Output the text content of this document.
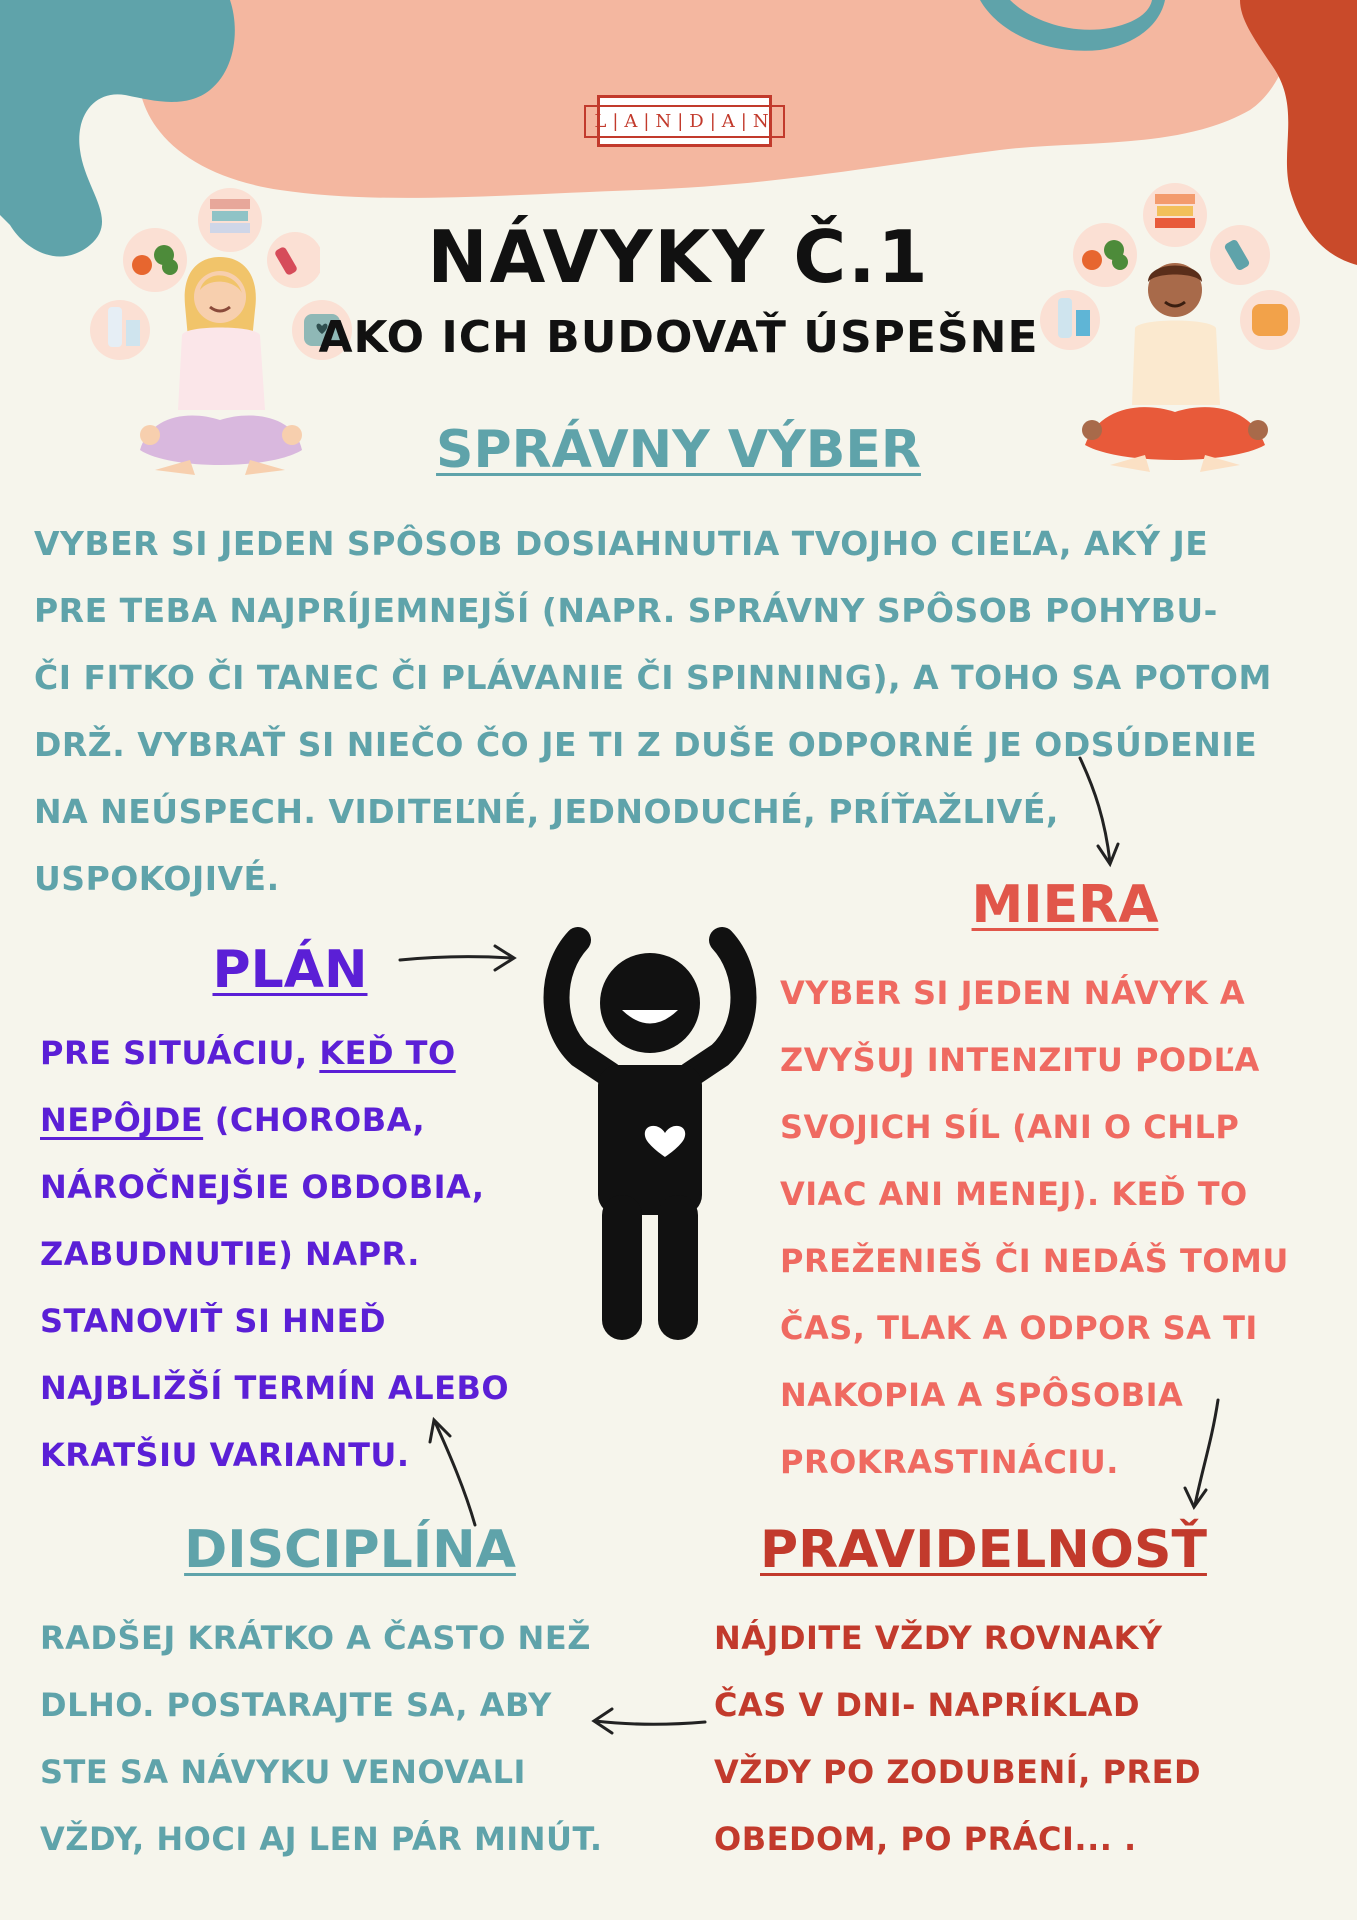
L|A|N|D|A|N
NÁVYKY Č.1
AKO ICH BUDOVAŤ ÚSPEŠNE
SPRÁVNY VÝBER
VYBER SI JEDEN SPÔSOB DOSIAHNUTIA TVOJHO CIEĽA, AKÝ JE
PRE TEBA NAJPRÍJEMNEJŠÍ (NAPR. SPRÁVNY SPÔSOB POHYBU-
ČI FITKO ČI TANEC ČI PLÁVANIE ČI SPINNING), A TOHO SA POTOM
DRŽ. VYBRAŤ SI NIEČO ČO JE TI Z DUŠE ODPORNÉ JE ODSÚDENIE
NA NEÚSPECH. VIDITEĽNÉ, JEDNODUCHÉ, PRÍŤAŽLIVÉ,
USPOKOJIVÉ.
PLÁN
PRE SITUÁCIU, KEĎ TO
NEPÔJDE (CHOROBA,
NÁROČNEJŠIE OBDOBIA,
ZABUDNUTIE) NAPR.
STANOVIŤ SI HNEĎ
NAJBLIŽŠÍ TERMÍN ALEBO
KRATŠIU VARIANTU.
MIERA
VYBER SI JEDEN NÁVYK A
ZVYŠUJ INTENZITU PODĽA
SVOJICH SÍL (ANI O CHLP
VIAC ANI MENEJ). KEĎ TO
PREŽENIEŠ ČI NEDÁŠ TOMU
ČAS, TLAK A ODPOR SA TI
NAKOPIA A SPÔSOBIA
PROKRASTINÁCIU.
DISCIPLÍNA
RADŠEJ KRÁTKO A ČASTO NEŽ
DLHO. POSTARAJTE SA, ABY
STE SA NÁVYKU VENOVALI
VŽDY, HOCI AJ LEN PÁR MINÚT.
PRAVIDELNOSŤ
NÁJDITE VŽDY ROVNAKÝ
ČAS V DNI- NAPRÍKLAD
VŽDY PO ZODUBENÍ, PRED
OBEDOM, PO PRÁCI... .
